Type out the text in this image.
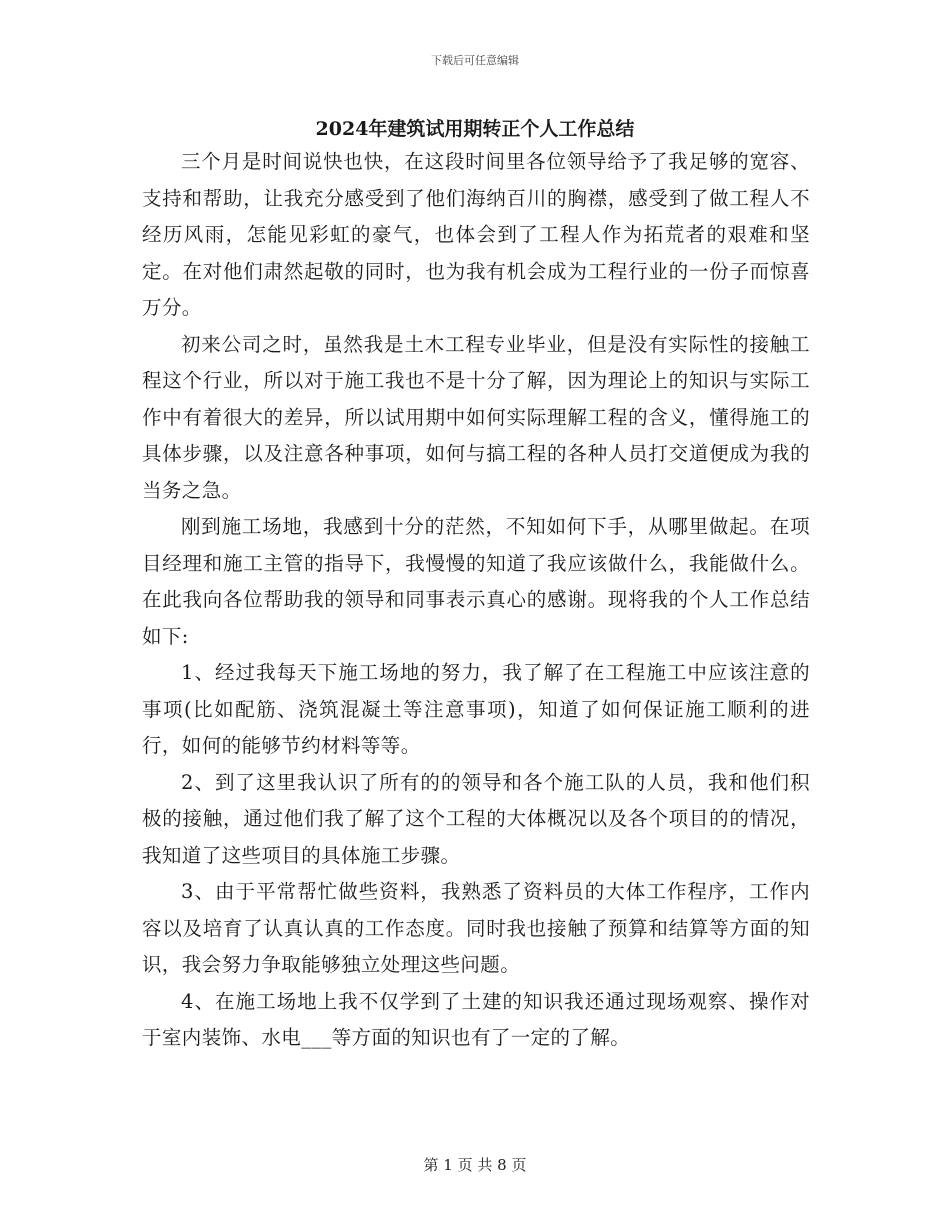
下载后可任意编辑
2024年建筑试用期转正个人工作总结

三个月是时间说快也快，在这段时间里各位领导给予了我足够的宽容、支持和帮助，让我充分感受到了他们海纳百川的胸襟，感受到了做工程人不经历风雨，怎能见彩虹的豪气，也体会到了工程人作为拓荒者的艰难和坚定。在对他们肃然起敬的同时，也为我有机会成为工程行业的一份子而惊喜万分。

初来公司之时，虽然我是土木工程专业毕业，但是没有实际性的接触工程这个行业，所以对于施工我也不是十分了解，因为理论上的知识与实际工作中有着很大的差异，所以试用期中如何实际理解工程的含义，懂得施工的具体步骤，以及注意各种事项，如何与搞工程的各种人员打交道便成为我的当务之急。

刚到施工场地，我感到十分的茫然，不知如何下手，从哪里做起。在项目经理和施工主管的指导下，我慢慢的知道了我应该做什么，我能做什么。在此我向各位帮助我的领导和同事表示真心的感谢。现将我的个人工作总结如下:

1、经过我每天下施工场地的努力，我了解了在工程施工中应该注意的事项(比如配筋、浇筑混凝土等注意事项)，知道了如何保证施工顺利的进行，如何的能够节约材料等等。

2、到了这里我认识了所有的的领导和各个施工队的人员，我和他们积极的接触，通过他们我了解了这个工程的大体概况以及各个项目的的情况，我知道了这些项目的具体施工步骤。

3、由于平常帮忙做些资料，我熟悉了资料员的大体工作程序，工作内容以及培育了认真认真的工作态度。同时我也接触了预算和结算等方面的知识，我会努力争取能够独立处理这些问题。

4、在施工场地上我不仅学到了土建的知识我还通过现场观察、操作对于室内装饰、水电___等方面的知识也有了一定的了解。

第 1 页 共 8 页
